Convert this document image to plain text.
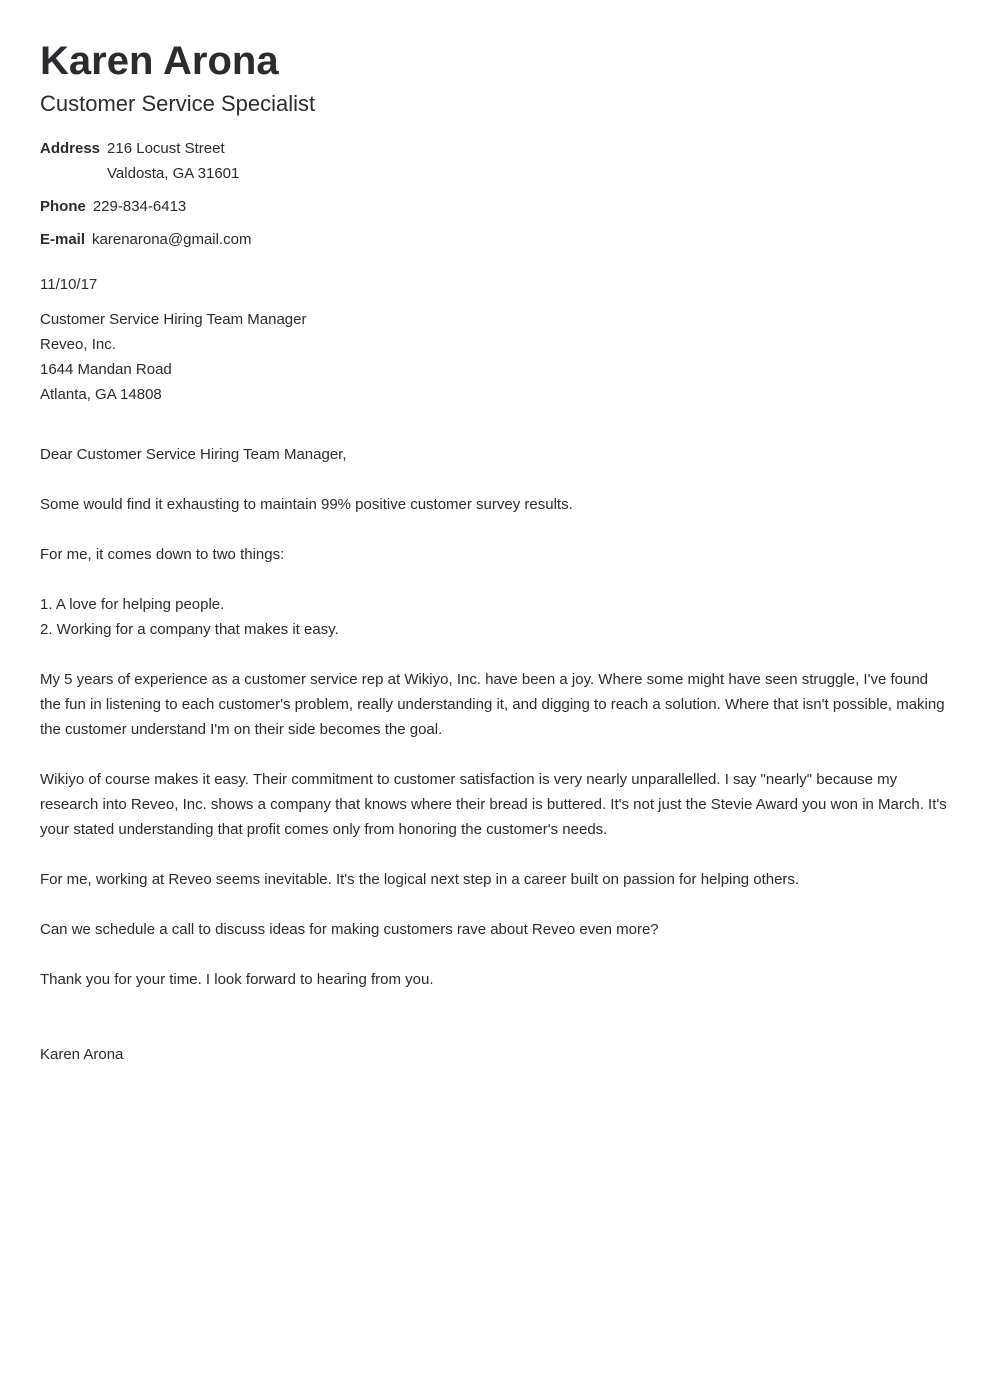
Karen Arona
Customer Service Specialist
Address 216 Locust Street
Valdosta, GA 31601
Phone 229-834-6413
E-mail karenarona@gmail.com
11/10/17
Customer Service Hiring Team Manager
Reveo, Inc.
1644 Mandan Road
Atlanta, GA 14808

Dear Customer Service Hiring Team Manager,

Some would find it exhausting to maintain 99% positive customer survey results.

For me, it comes down to two things:

1. A love for helping people.
2. Working for a company that makes it easy.

My 5 years of experience as a customer service rep at Wikiyo, Inc. have been a joy. Where some might have seen struggle, I've found the fun in listening to each customer's problem, really understanding it, and digging to reach a solution. Where that isn't possible, making the customer understand I'm on their side becomes the goal.

Wikiyo of course makes it easy. Their commitment to customer satisfaction is very nearly unparallelled. I say "nearly" because my research into Reveo, Inc. shows a company that knows where their bread is buttered. It's not just the Stevie Award you won in March. It's your stated understanding that profit comes only from honoring the customer's needs.

For me, working at Reveo seems inevitable. It's the logical next step in a career built on passion for helping others.

Can we schedule a call to discuss ideas for making customers rave about Reveo even more?

Thank you for your time. I look forward to hearing from you.

Karen Arona
